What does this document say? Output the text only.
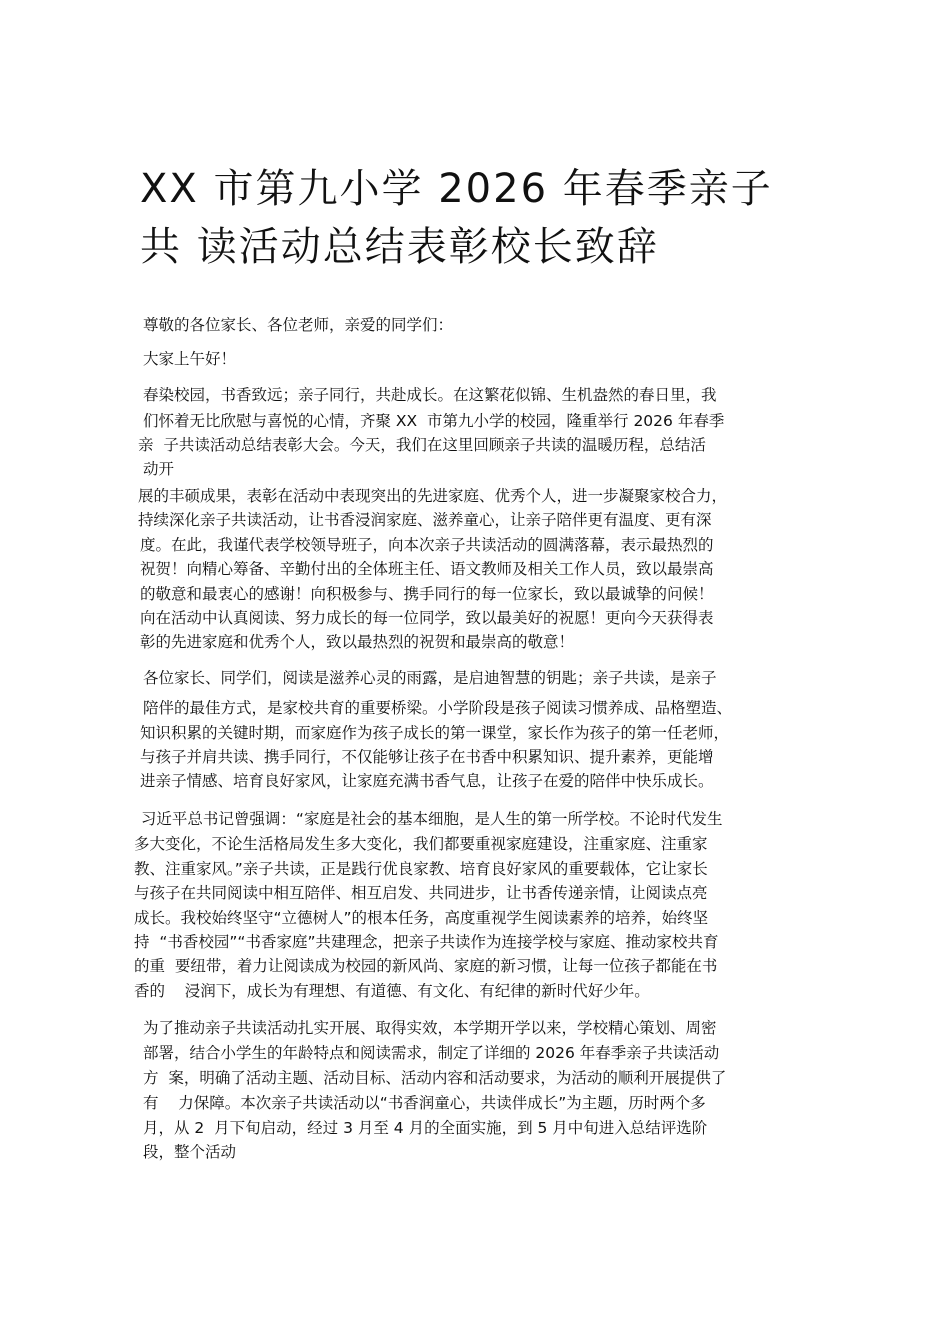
XX 市第九小学 2026 年春季亲子
共 读活动总结表彰校长致辞
尊敬的各位家长、各位老师，亲爱的同学们：
大家上午好！
春染校园，书香致远；亲子同行，共赴成长。在这繁花似锦、生机盎然的春日里，我
们怀着无比欣慰与喜悦的心情，齐聚 XX  市第九小学的校园，隆重举行 2026 年春季
亲  子共读活动总结表彰大会。今天，我们在这里回顾亲子共读的温暖历程，总结活
动开
展的丰硕成果，表彰在活动中表现突出的先进家庭、优秀个人，进一步凝聚家校合力，
持续深化亲子共读活动，让书香浸润家庭、滋养童心，让亲子陪伴更有温度、更有深
度。在此，我谨代表学校领导班子，向本次亲子共读活动的圆满落幕，表示最热烈的
祝贺！向精心筹备、辛勤付出的全体班主任、语文教师及相关工作人员，致以最崇高
的敬意和最衷心的感谢！向积极参与、携手同行的每一位家长，致以最诚挚的问候！
向在活动中认真阅读、努力成长的每一位同学，致以最美好的祝愿！更向今天获得表
彰的先进家庭和优秀个人，致以最热烈的祝贺和最崇高的敬意！
各位家长、同学们，阅读是滋养心灵的雨露，是启迪智慧的钥匙；亲子共读，是亲子
陪伴的最佳方式，是家校共育的重要桥梁。小学阶段是孩子阅读习惯养成、品格塑造、
知识积累的关键时期，而家庭作为孩子成长的第一课堂，家长作为孩子的第一任老师，
与孩子并肩共读、携手同行，不仅能够让孩子在书香中积累知识、提升素养，更能增
进亲子情感、培育良好家风，让家庭充满书香气息，让孩子在爱的陪伴中快乐成长。
习近平总书记曾强调：“家庭是社会的基本细胞，是人生的第一所学校。不论时代发生
多大变化，不论生活格局发生多大变化，我们都要重视家庭建设，注重家庭、注重家
教、注重家风。”亲子共读，正是践行优良家教、培育良好家风的重要载体，它让家长
与孩子在共同阅读中相互陪伴、相互启发、共同进步，让书香传递亲情，让阅读点亮
成长。我校始终坚守“立德树人”的根本任务，高度重视学生阅读素养的培养，始终坚
持  “书香校园”“书香家庭”共建理念，把亲子共读作为连接学校与家庭、推动家校共育
的重  要纽带，着力让阅读成为校园的新风尚、家庭的新习惯，让每一位孩子都能在书
香的    浸润下，成长为有理想、有道德、有文化、有纪律的新时代好少年。
为了推动亲子共读活动扎实开展、取得实效，本学期开学以来，学校精心策划、周密
部署，结合小学生的年龄特点和阅读需求，制定了详细的 2026 年春季亲子共读活动
方  案，明确了活动主题、活动目标、活动内容和活动要求，为活动的顺利开展提供了
有    力保障。本次亲子共读活动以“书香润童心，共读伴成长”为主题，历时两个多
月，从 2  月下旬启动，经过 3 月至 4 月的全面实施，到 5 月中旬进入总结评选阶
段，整个活动
